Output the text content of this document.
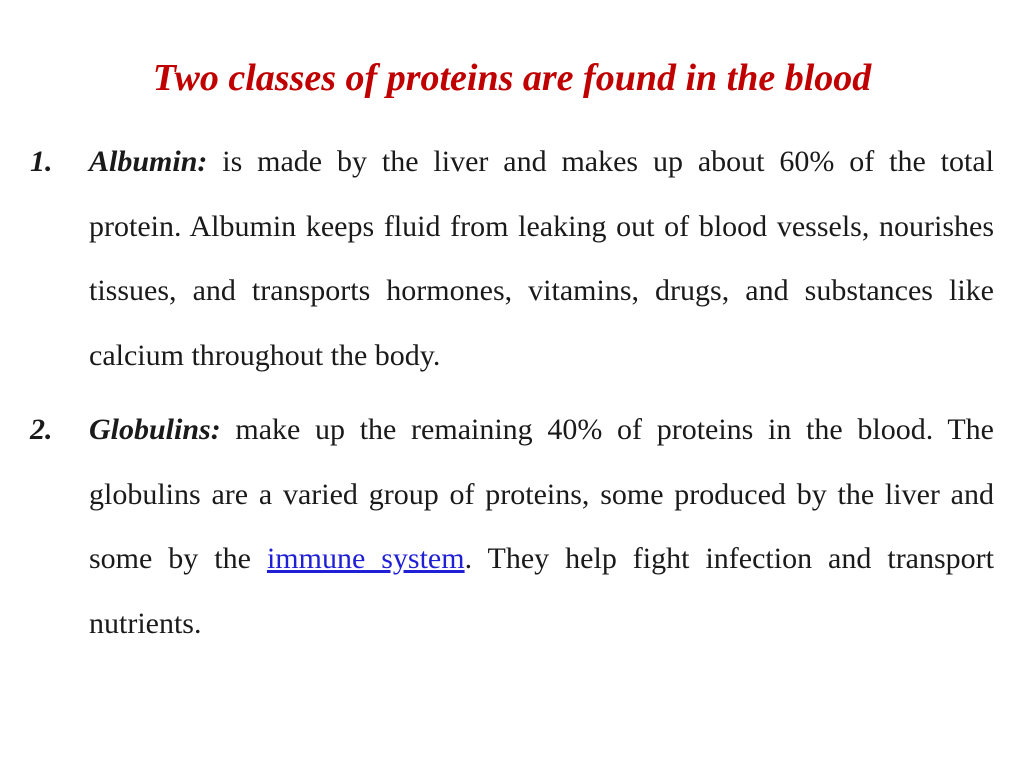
Two classes of proteins are found in the blood
1. Albumin: is made by the liver and makes up about 60% of the total protein. Albumin keeps fluid from leaking out of blood vessels, nourishes tissues, and transports hormones, vitamins, drugs, and substances like calcium throughout the body.
2. Globulins: make up the remaining 40% of proteins in the blood. The globulins are a varied group of proteins, some produced by the liver and some by the immune system. They help fight infection and transport nutrients.
